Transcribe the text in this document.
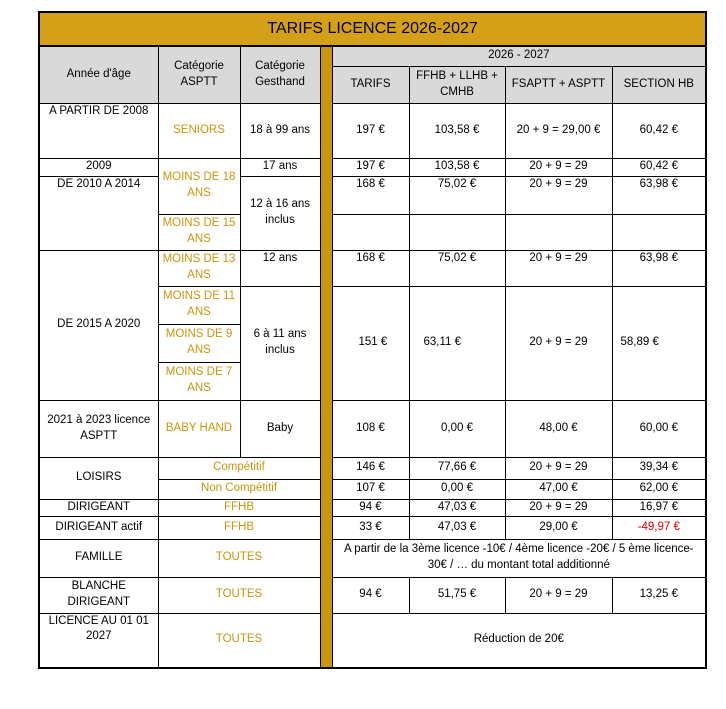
TARIFS LICENCE 2026-2027							
Année d'âge	Catégorie ASPTT	Catégorie Gesthand		2026 - 2027			
				TARIFS	FFHB + LLHB + CMHB	FSAPTT + ASPTT	SECTION HB
A PARTIR DE 2008	SENIORS	18 à 99 ans		197 €	103,58 €	20 + 9 = 29,00 €	60,42 €
2009	MOINS DE 18 ANS	17 ans		197 €	103,58 €	20 + 9 = 29	60,42 €
DE 2010 A 2014		12 à 16 ans inclus		168 €	75,02 €	20 + 9 = 29	63,98 €
	MOINS DE 15 ANS						
DE 2015 A 2020	MOINS DE 13 ANS	12 ans		168 €	75,02 €	20 + 9 = 29	63,98 €
	MOINS DE 11 ANS	6 à 11 ans inclus		151 €	63,11 €	20 + 9 = 29	58,89 €
	MOINS DE 9 ANS						
	MOINS DE 7 ANS						
2021 à 2023 licence ASPTT	BABY HAND	Baby		108 €	0,00 €	48,00 €	60,00 €
LOISIRS	Compétitif			146 €	77,66 €	20 + 9 = 29	39,34 €
	Non Compétitif			107 €	0,00 €	47,00 €	62,00 €
DIRIGEANT	FFHB			94 €	47,03 €	20 + 9 = 29	16,97 €
DIRIGEANT actif	FFHB			33 €	47,03 €	29,00 €	-49,97 €
FAMILLE	TOUTES			A partir de la 3ème licence -10€ / 4ème licence -20€ / 5 ème licence-30€ / … du montant total additionné			
BLANCHE DIRIGEANT	TOUTES			94 €	51,75 €	20 + 9 = 29	13,25 €
LICENCE AU 01 01 2027	TOUTES			Réduction de 20€			
